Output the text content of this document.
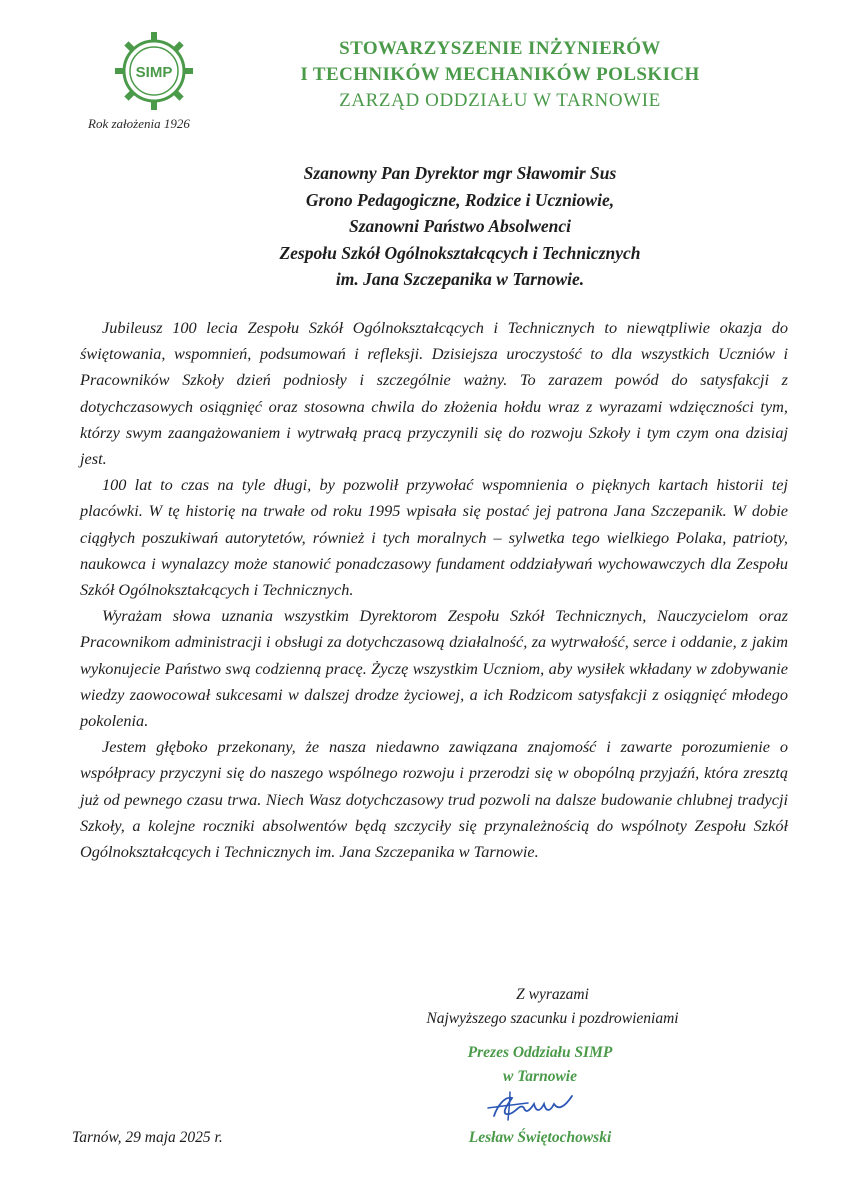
SIMP
Rok założenia 1926
STOWARZYSZENIE INŻYNIERÓW
I TECHNIKÓW MECHANIKÓW POLSKICH
ZARZĄD ODDZIAŁU W TARNOWIE
Szanowny Pan Dyrektor mgr Sławomir Sus
Grono Pedagogiczne, Rodzice i Uczniowie,
Szanowni Państwo Absolwenci
Zespołu Szkół Ogólnokształcących i Technicznych
im. Jana Szczepanika w Tarnowie.

Jubileusz 100 lecia Zespołu Szkół Ogólnokształcących i Technicznych to niewątpliwie okazja do świętowania, wspomnień, podsumowań i refleksji. Dzisiejsza uroczystość to dla wszystkich Uczniów i Pracowników Szkoły dzień podniosły i szczególnie ważny. To zarazem powód do satysfakcji z dotychczasowych osiągnięć oraz stosowna chwila do złożenia hołdu wraz z wyrazami wdzięczności tym, którzy swym zaangażowaniem i wytrwałą pracą przyczynili się do rozwoju Szkoły i tym czym ona dzisiaj jest.

100 lat to czas na tyle długi, by pozwolił przywołać wspomnienia o pięknych kartach historii tej placówki. W tę historię na trwałe od roku 1995 wpisała się postać jej patrona Jana Szczepanik. W dobie ciągłych poszukiwań autorytetów, również i tych moralnych – sylwetka tego wielkiego Polaka, patrioty, naukowca i wynalazcy może stanowić ponadczasowy fundament oddziaływań wychowawczych dla Zespołu Szkół Ogólnokształcących i Technicznych.

Wyrażam słowa uznania wszystkim Dyrektorom Zespołu Szkół Technicznych, Nauczycielom oraz Pracownikom administracji i obsługi za dotychczasową działalność, za wytrwałość, serce i oddanie, z jakim wykonujecie Państwo swą codzienną pracę. Życzę wszystkim Uczniom, aby wysiłek wkładany w zdobywanie wiedzy zaowocował sukcesami w dalszej drodze życiowej, a ich Rodzicom satysfakcji z osiągnięć młodego pokolenia.

Jestem głęboko przekonany, że nasza niedawno zawiązana znajomość i zawarte porozumienie o współpracy przyczyni się do naszego wspólnego rozwoju i przerodzi się w obopólną przyjaźń, która zresztą już od pewnego czasu trwa. Niech Wasz dotychczasowy trud pozwoli na dalsze budowanie chlubnej tradycji Szkoły, a kolejne roczniki absolwentów będą szczyciły się przynależnością do wspólnoty Zespołu Szkół Ogólnokształcących i Technicznych im. Jana Szczepanika w Tarnowie.

Z wyrazami
Najwyższego szacunku i pozdrowieniami
Prezes Oddziału SIMP
w Tarnowie
Lesław Świętochowski
Tarnów, 29 maja 2025 r.
